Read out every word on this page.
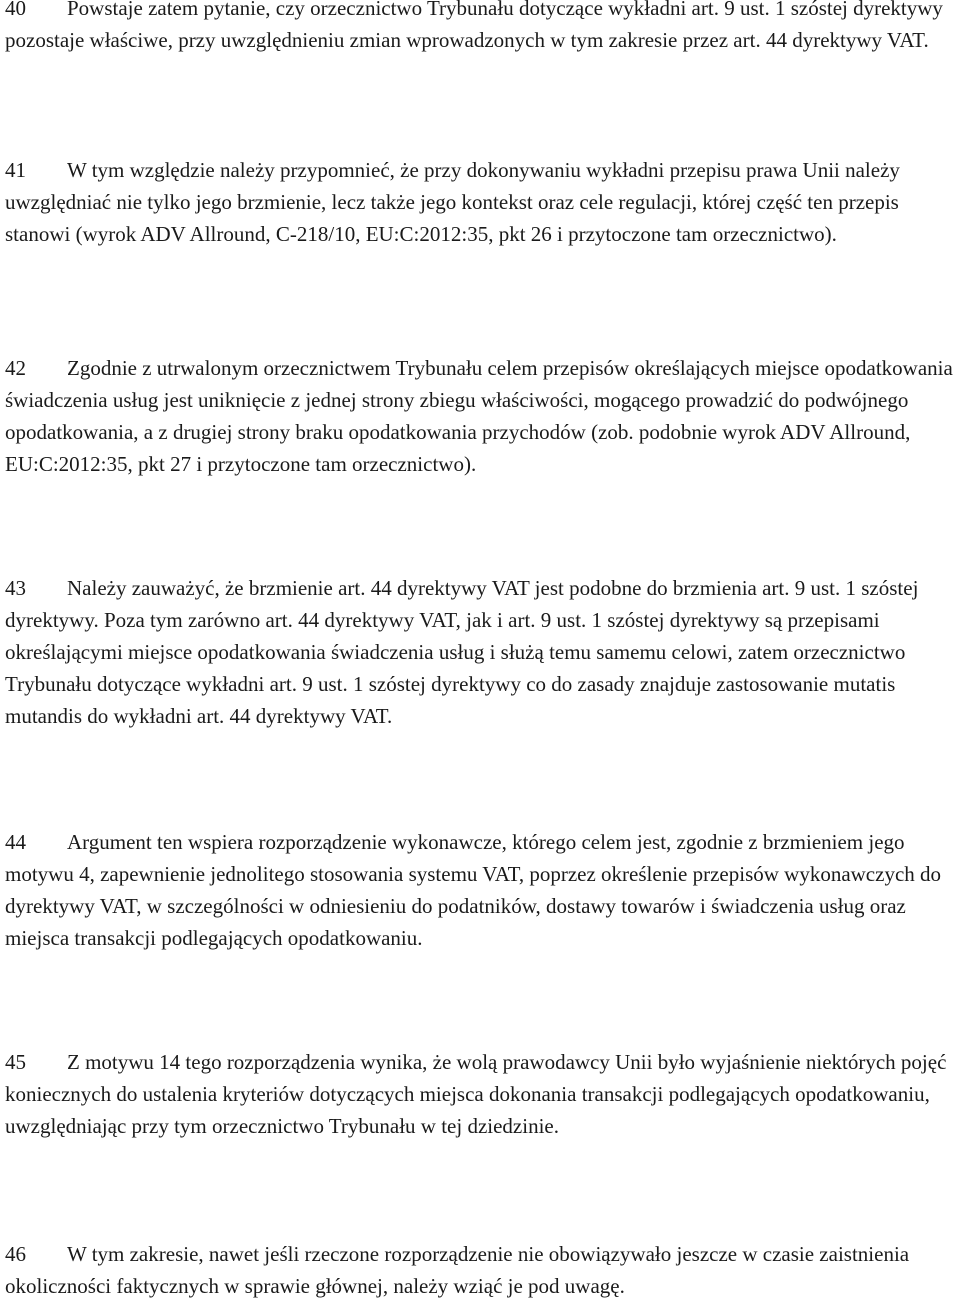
40 Powstaje zatem pytanie, czy orzecznictwo Trybunału dotyczące wykładni art. 9 ust. 1 szóstej dyrektywy pozostaje właściwe, przy uwzględnieniu zmian wprowadzonych w tym zakresie przez art. 44 dyrektywy VAT.

41 W tym względzie należy przypomnieć, że przy dokonywaniu wykładni przepisu prawa Unii należy uwzględniać nie tylko jego brzmienie, lecz także jego kontekst oraz cele regulacji, której część ten przepis stanowi (wyrok ADV Allround, C‑218/10, EU:C:2012:35, pkt 26 i przytoczone tam orzecznictwo).

42 Zgodnie z utrwalonym orzecznictwem Trybunału celem przepisów określających miejsce opodatkowania świadczenia usług jest uniknięcie z jednej strony zbiegu właściwości, mogącego prowadzić do podwójnego opodatkowania, a z drugiej strony braku opodatkowania przychodów (zob. podobnie wyrok ADV Allround, EU:C:2012:35, pkt 27 i przytoczone tam orzecznictwo).

43 Należy zauważyć, że brzmienie art. 44 dyrektywy VAT jest podobne do brzmienia art. 9 ust. 1 szóstej dyrektywy. Poza tym zarówno art. 44 dyrektywy VAT, jak i art. 9 ust. 1 szóstej dyrektywy są przepisami określającymi miejsce opodatkowania świadczenia usług i służą temu samemu celowi, zatem orzecznictwo Trybunału dotyczące wykładni art. 9 ust. 1 szóstej dyrektywy co do zasady znajduje zastosowanie mutatis mutandis do wykładni art. 44 dyrektywy VAT.

44 Argument ten wspiera rozporządzenie wykonawcze, którego celem jest, zgodnie z brzmieniem jego motywu 4, zapewnienie jednolitego stosowania systemu VAT, poprzez określenie przepisów wykonawczych do dyrektywy VAT, w szczególności w odniesieniu do podatników, dostawy towarów i świadczenia usług oraz miejsca transakcji podlegających opodatkowaniu.

45 Z motywu 14 tego rozporządzenia wynika, że wolą prawodawcy Unii było wyjaśnienie niektórych pojęć koniecznych do ustalenia kryteriów dotyczących miejsca dokonania transakcji podlegających opodatkowaniu, uwzględniając przy tym orzecznictwo Trybunału w tej dziedzinie.

46 W tym zakresie, nawet jeśli rzeczone rozporządzenie nie obowiązywało jeszcze w czasie zaistnienia okoliczności faktycznych w sprawie głównej, należy wziąć je pod uwagę.
